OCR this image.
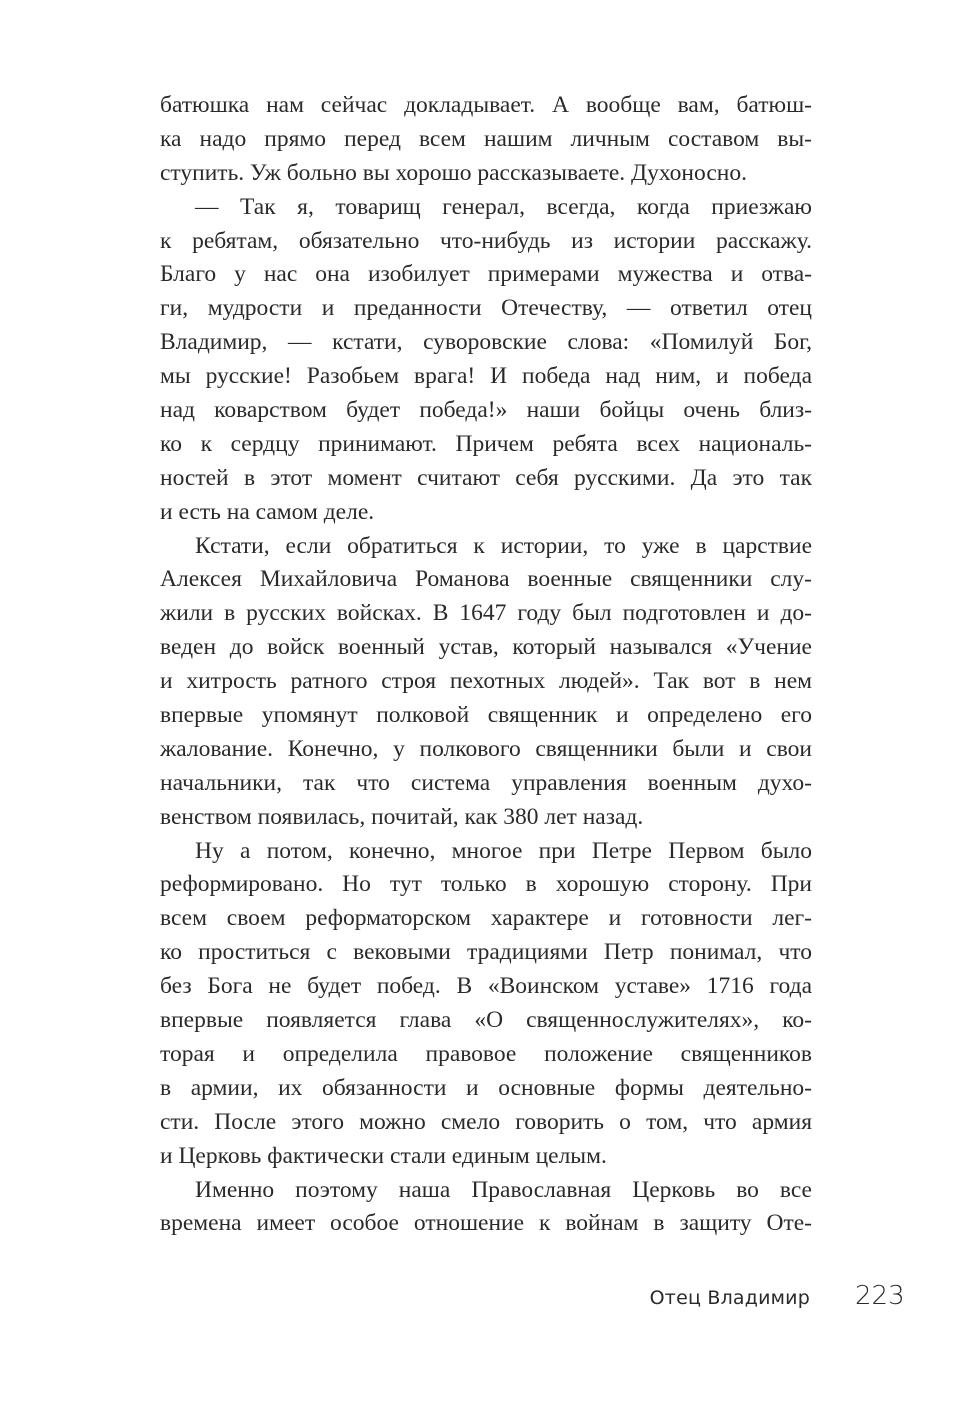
батюшка нам сейчас докладывает. А вообще вам, батюш-
ка надо прямо перед всем нашим личным составом вы-
ступить. Уж больно вы хорошо рассказываете. Духоносно.
— Так я, товарищ генерал, всегда, когда приезжаю
к ребятам, обязательно что-нибудь из истории расскажу.
Благо у нас она изобилует примерами мужества и отва-
ги, мудрости и преданности Отечеству, — ответил отец
Владимир, — кстати, суворовские слова: «Помилуй Бог,
мы русские! Разобьем врага! И победа над ним, и победа
над коварством будет победа!» наши бойцы очень близ-
ко к сердцу принимают. Причем ребята всех националь-
ностей в этот момент считают себя русскими. Да это так
и есть на самом деле.
Кстати, если обратиться к истории, то уже в царствие
Алексея Михайловича Романова военные священники слу-
жили в русских войсках. В 1647 году был подготовлен и до-
веден до войск военный устав, который назывался «Учение
и хитрость ратного строя пехотных людей». Так вот в нем
впервые упомянут полковой священник и определено его
жалование. Конечно, у полкового священники были и свои
начальники, так что система управления военным духо-
венством появилась, почитай, как 380 лет назад.
Ну а потом, конечно, многое при Петре Первом было
реформировано. Но тут только в хорошую сторону. При
всем своем реформаторском характере и готовности лег-
ко проститься с вековыми традициями Петр понимал, что
без Бога не будет побед. В «Воинском уставе» 1716 года
впервые появляется глава «О священнослужителях», ко-
торая и определила правовое положение священников
в армии, их обязанности и основные формы деятельно-
сти. После этого можно смело говорить о том, что армия
и Церковь фактически стали единым целым.
Именно поэтому наша Православная Церковь во все
времена имеет особое отношение к войнам в защиту Оте-
Отец Владимир 223
